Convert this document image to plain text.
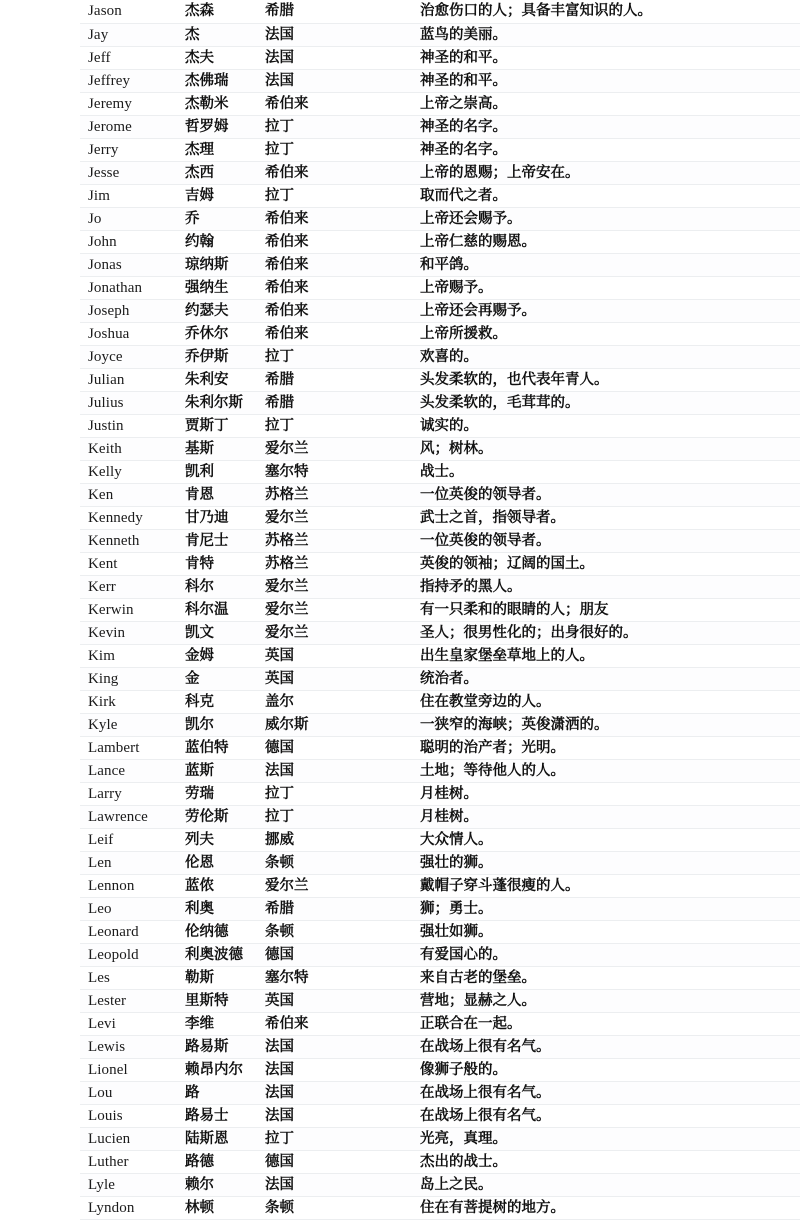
Jason	杰森	希腊	治愈伤口的人；具备丰富知识的人。
Jay	杰	法国	蓝鸟的美丽。
Jeff	杰夫	法国	神圣的和平。
Jeffrey	杰佛瑞	法国	神圣的和平。
Jeremy	杰勒米	希伯来	上帝之崇高。
Jerome	哲罗姆	拉丁	神圣的名字。
Jerry	杰理	拉丁	神圣的名字。
Jesse	杰西	希伯来	上帝的恩赐；上帝安在。
Jim	吉姆	拉丁	取而代之者。
Jo	乔	希伯来	上帝还会赐予。
John	约翰	希伯来	上帝仁慈的赐恩。
Jonas	琼纳斯	希伯来	和平鸽。
Jonathan	强纳生	希伯来	上帝赐予。
Joseph	约瑟夫	希伯来	上帝还会再赐予。
Joshua	乔休尔	希伯来	上帝所援救。
Joyce	乔伊斯	拉丁	欢喜的。
Julian	朱利安	希腊	头发柔软的，也代表年青人。
Julius	朱利尔斯	希腊	头发柔软的，毛茸茸的。
Justin	贾斯丁	拉丁	诚实的。
Keith	基斯	爱尔兰	风；树林。
Kelly	凯利	塞尔特	战士。
Ken	肯恩	苏格兰	一位英俊的领导者。
Kennedy	甘乃迪	爱尔兰	武士之首，指领导者。
Kenneth	肯尼士	苏格兰	一位英俊的领导者。
Kent	肯特	苏格兰	英俊的领袖；辽阔的国土。
Kerr	科尔	爱尔兰	指持矛的黑人。
Kerwin	科尔温	爱尔兰	有一只柔和的眼睛的人；朋友
Kevin	凯文	爱尔兰	圣人；很男性化的；出身很好的。
Kim	金姆	英国	出生皇家堡垒草地上的人。
King	金	英国	统治者。
Kirk	科克	盖尔	住在教堂旁边的人。
Kyle	凯尔	威尔斯	一狭窄的海峡；英俊潇洒的。
Lambert	蓝伯特	德国	聪明的治产者；光明。
Lance	蓝斯	法国	土地；等待他人的人。
Larry	劳瑞	拉丁	月桂树。
Lawrence	劳伦斯	拉丁	月桂树。
Leif	列夫	挪威	大众情人。
Len	伦恩	条顿	强壮的狮。
Lennon	蓝侬	爱尔兰	戴帽子穿斗蓬很瘦的人。
Leo	利奥	希腊	狮；勇士。
Leonard	伦纳德	条顿	强壮如狮。
Leopold	利奥波德	德国	有爱国心的。
Les	勒斯	塞尔特	来自古老的堡垒。
Lester	里斯特	英国	营地；显赫之人。
Levi	李维	希伯来	正联合在一起。
Lewis	路易斯	法国	在战场上很有名气。
Lionel	赖昂内尔	法国	像狮子般的。
Lou	路	法国	在战场上很有名气。
Louis	路易士	法国	在战场上很有名气。
Lucien	陆斯恩	拉丁	光亮，真理。
Luther	路德	德国	杰出的战士。
Lyle	赖尔	法国	岛上之民。
Lyndon	林顿	条顿	住在有菩提树的地方。
